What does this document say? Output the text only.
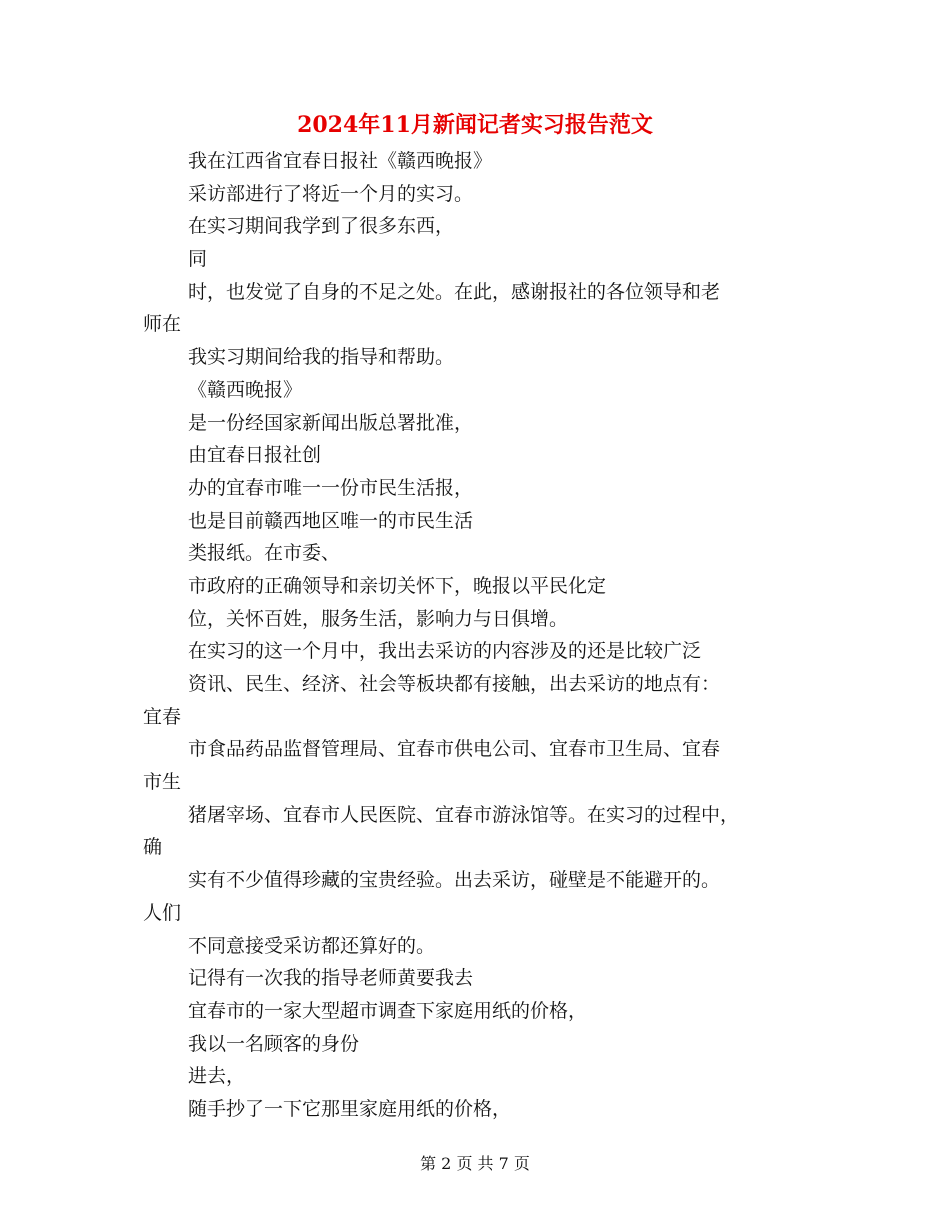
2024年11月新闻记者实习报告范文
我在江西省宜春日报社《赣西晚报》
采访部进行了将近一个月的实习。
在实习期间我学到了很多东西，
同
时，也发觉了自身的不足之处。在此，感谢报社的各位领导和老
师在
我实习期间给我的指导和帮助。
《赣西晚报》
是一份经国家新闻出版总署批准，
由宜春日报社创
办的宜春市唯一一份市民生活报，
也是目前赣西地区唯一的市民生活
类报纸。在市委、
市政府的正确领导和亲切关怀下，晚报以平民化定
位，关怀百姓，服务生活，影响力与日俱增。
在实习的这一个月中，我出去采访的内容涉及的还是比较广泛
资讯、民生、经济、社会等板块都有接触，出去采访的地点有：
宜春
市食品药品监督管理局、宜春市供电公司、宜春市卫生局、宜春
市生
猪屠宰场、宜春市人民医院、宜春市游泳馆等。在实习的过程中，
确
实有不少值得珍藏的宝贵经验。出去采访，碰壁是不能避开的。
人们
不同意接受采访都还算好的。
记得有一次我的指导老师黄要我去
宜春市的一家大型超市调查下家庭用纸的价格，
我以一名顾客的身份
进去，
随手抄了一下它那里家庭用纸的价格，
第 2 页 共 7 页
